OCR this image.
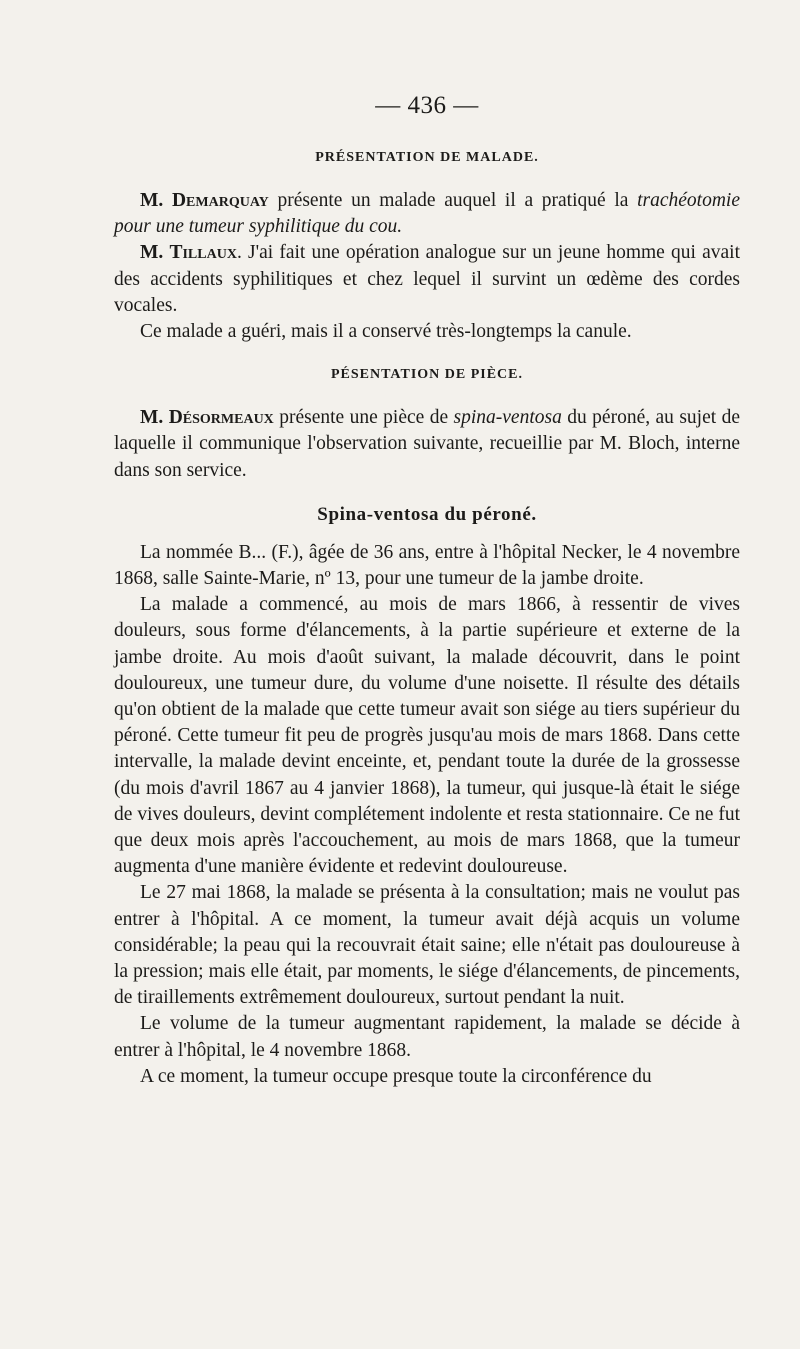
— 436 —
PRÉSENTATION DE MALADE.

M. Demarquay présente un malade auquel il a pratiqué la trachéotomie pour une tumeur syphilitique du cou.

M. Tillaux. J'ai fait une opération analogue sur un jeune homme qui avait des accidents syphilitiques et chez lequel il survint un œdème des cordes vocales.

Ce malade a guéri, mais il a conservé très-longtemps la canule.

PÉSENTATION DE PIÈCE.

M. Désormeaux présente une pièce de spina-ventosa du péroné, au sujet de laquelle il communique l'observation suivante, recueillie par M. Bloch, interne dans son service.

Spina-ventosa du péroné.

La nommée B... (F.), âgée de 36 ans, entre à l'hôpital Necker, le 4 novembre 1868, salle Sainte-Marie, nº 13, pour une tumeur de la jambe droite.

La malade a commencé, au mois de mars 1866, à ressentir de vives douleurs, sous forme d'élancements, à la partie supérieure et externe de la jambe droite. Au mois d'août suivant, la malade découvrit, dans le point douloureux, une tumeur dure, du volume d'une noisette. Il résulte des détails qu'on obtient de la malade que cette tumeur avait son siége au tiers supérieur du péroné. Cette tumeur fit peu de progrès jusqu'au mois de mars 1868. Dans cette intervalle, la malade devint enceinte, et, pendant toute la durée de la grossesse (du mois d'avril 1867 au 4 janvier 1868), la tumeur, qui jusque-là était le siége de vives douleurs, devint complétement indolente et resta stationnaire. Ce ne fut que deux mois après l'accouchement, au mois de mars 1868, que la tumeur augmenta d'une manière évidente et redevint douloureuse.

Le 27 mai 1868, la malade se présenta à la consultation; mais ne voulut pas entrer à l'hôpital. A ce moment, la tumeur avait déjà acquis un volume considérable; la peau qui la recouvrait était saine; elle n'était pas douloureuse à la pression; mais elle était, par moments, le siége d'élancements, de pincements, de tiraillements extrêmement douloureux, surtout pendant la nuit.

Le volume de la tumeur augmentant rapidement, la malade se décide à entrer à l'hôpital, le 4 novembre 1868.

A ce moment, la tumeur occupe presque toute la circonférence du
